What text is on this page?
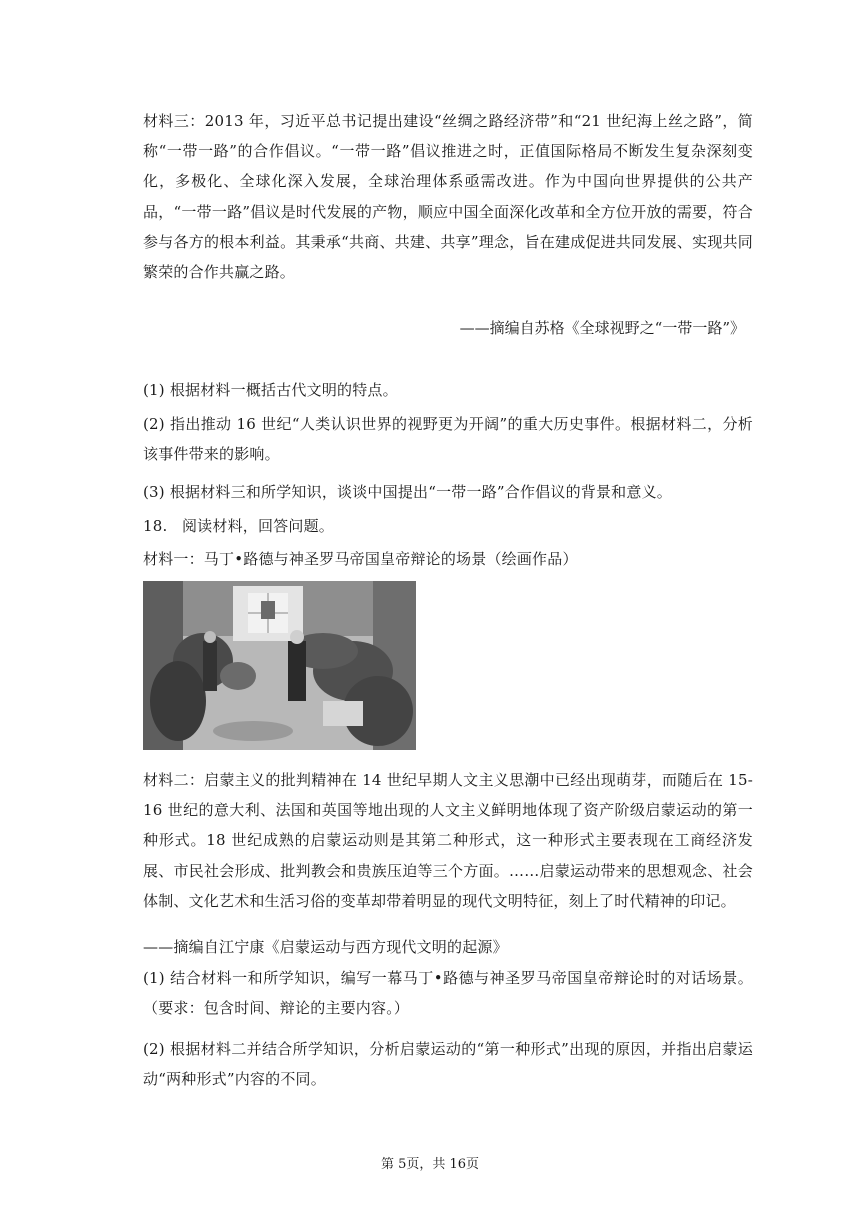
材料三：2013 年，习近平总书记提出建设“丝绸之路经济带”和“21 世纪海上丝之路”，简称“一带一路”的合作倡议。“一带一路”倡议推进之时，正值国际格局不断发生复杂深刻变化，多极化、全球化深入发展，全球治理体系亟需改进。作为中国向世界提供的公共产品，“一带一路”倡议是时代发展的产物，顺应中国全面深化改革和全方位开放的需要，符合参与各方的根本利益。其秉承“共商、共建、共享”理念，旨在建成促进共同发展、实现共同繁荣的合作共赢之路。

——摘编自苏格《全球视野之“一带一路”》

(1) 根据材料一概括古代文明的特点。

(2) 指出推动 16 世纪“人类认识世界的视野更为开阔”的重大历史事件。根据材料二，分析该事件带来的影响。

(3) 根据材料三和所学知识，谈谈中国提出“一带一路”合作倡议的背景和意义。

18. 阅读材料，回答问题。

材料一：马丁•路德与神圣罗马帝国皇帝辩论的场景（绘画作品）

材料二：启蒙主义的批判精神在 14 世纪早期人文主义思潮中已经出现萌芽，而随后在 15-16 世纪的意大利、法国和英国等地出现的人文主义鲜明地体现了资产阶级启蒙运动的第一种形式。18 世纪成熟的启蒙运动则是其第二种形式，这一种形式主要表现在工商经济发展、市民社会形成、批判教会和贵族压迫等三个方面。……启蒙运动带来的思想观念、社会体制、文化艺术和生活习俗的变革却带着明显的现代文明特征，刻上了时代精神的印记。

——摘编自江宁康《启蒙运动与西方现代文明的起源》

(1) 结合材料一和所学知识，编写一幕马丁•路德与神圣罗马帝国皇帝辩论时的对话场景。（要求：包含时间、辩论的主要内容。）

(2) 根据材料二并结合所学知识，分析启蒙运动的“第一种形式”出现的原因，并指出启蒙运动“两种形式”内容的不同。

第 5页，共 16页
